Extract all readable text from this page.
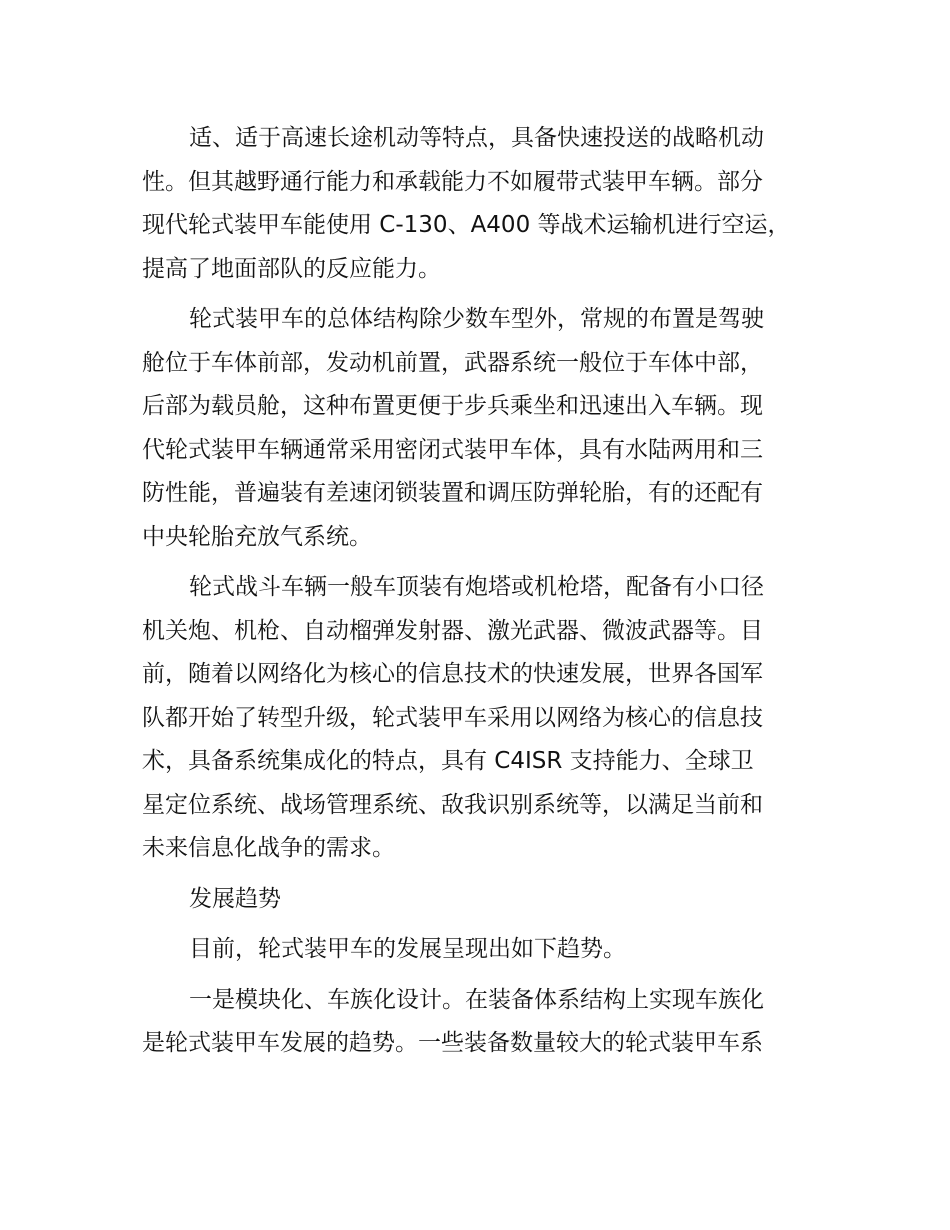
适、适于高速长途机动等特点，具备快速投送的战略机动
性。但其越野通行能力和承载能力不如履带式装甲车辆。部分
现代轮式装甲车能使用 C-130、A400 等战术运输机进行空运，
提高了地面部队的反应能力。
轮式装甲车的总体结构除少数车型外，常规的布置是驾驶
舱位于车体前部，发动机前置，武器系统一般位于车体中部，
后部为载员舱，这种布置更便于步兵乘坐和迅速出入车辆。现
代轮式装甲车辆通常采用密闭式装甲车体，具有水陆两用和三
防性能，普遍装有差速闭锁装置和调压防弹轮胎，有的还配有
中央轮胎充放气系统。
轮式战斗车辆一般车顶装有炮塔或机枪塔，配备有小口径
机关炮、机枪、自动榴弹发射器、激光武器、微波武器等。目
前，随着以网络化为核心的信息技术的快速发展，世界各国军
队都开始了转型升级，轮式装甲车采用以网络为核心的信息技
术，具备系统集成化的特点，具有 C4ISR 支持能力、全球卫
星定位系统、战场管理系统、敌我识别系统等，以满足当前和
未来信息化战争的需求。
发展趋势
目前，轮式装甲车的发展呈现出如下趋势。
一是模块化、车族化设计。在装备体系结构上实现车族化
是轮式装甲车发展的趋势。一些装备数量较大的轮式装甲车系
